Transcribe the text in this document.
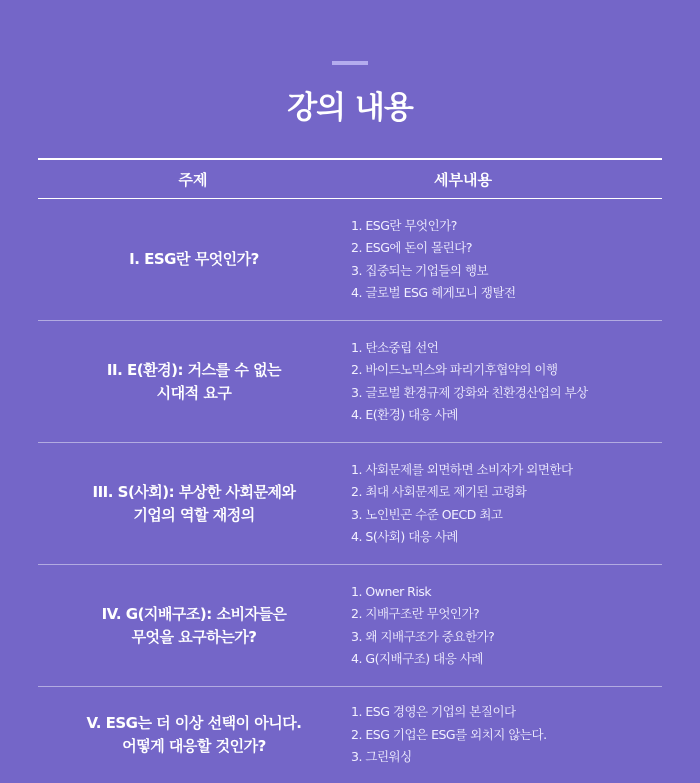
강의 내용
주제	세부내용
I. ESG란 무엇인가?
1. ESG란 무엇인가?
2. ESG에 돈이 몰린다?
3. 집중되는 기업들의 행보
4. 글로벌 ESG 헤게모니 쟁탈전
II. E(환경): 거스를 수 없는
시대적 요구
1. 탄소중립 선언
2. 바이드노믹스와 파리기후협약의 이행
3. 글로벌 환경규제 강화와 친환경산업의 부상
4. E(환경) 대응 사례
III. S(사회): 부상한 사회문제와
기업의 역할 재정의
1. 사회문제를 외면하면 소비자가 외면한다
2. 최대 사회문제로 제기된 고령화
3. 노인빈곤 수준 OECD 최고
4. S(사회) 대응 사례
IV. G(지배구조): 소비자들은
무엇을 요구하는가?
1. Owner Risk
2. 지배구조란 무엇인가?
3. 왜 지배구조가 중요한가?
4. G(지배구조) 대응 사례
V. ESG는 더 이상 선택이 아니다.
어떻게 대응할 것인가?
1. ESG 경영은 기업의 본질이다
2. ESG 기업은 ESG를 외치지 않는다.
3. 그린워싱
